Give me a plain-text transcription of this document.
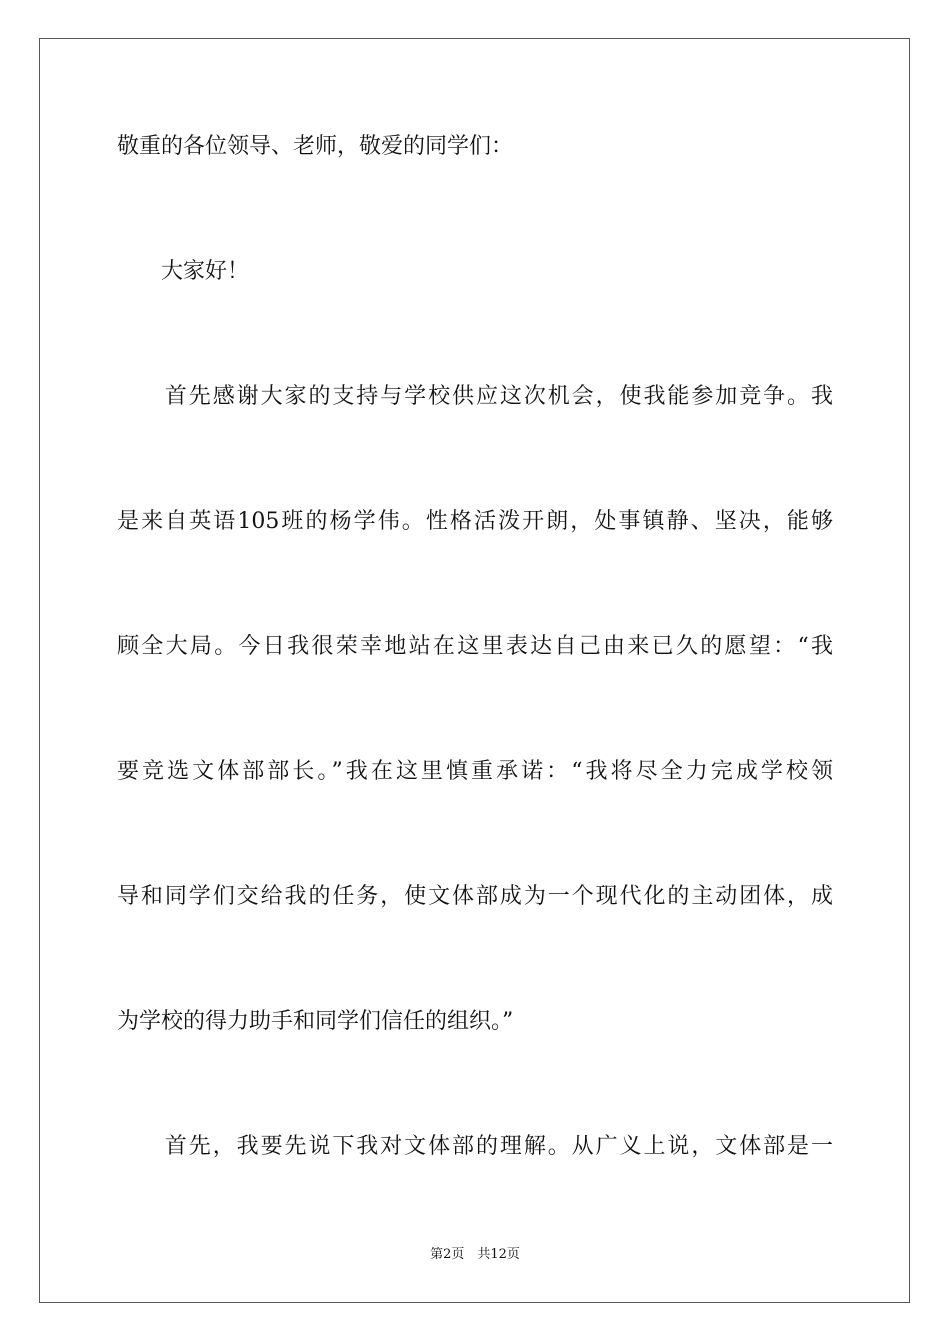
敬重的各位领导、老师，敬爱的同学们：
　　大家好！
　　首先感谢大家的支持与学校供应这次机会，使我能参加竞争。我
是来自英语105班的杨学伟。性格活泼开朗，处事镇静、坚决，能够
顾全大局。今日我很荣幸地站在这里表达自己由来已久的愿望：“我
要竞选文体部部长。”我在这里慎重承诺：“我将尽全力完成学校领
导和同学们交给我的任务，使文体部成为一个现代化的主动团体，成
为学校的得力助手和同学们信任的组织。”
　　首先，我要先说下我对文体部的理解。从广义上说，文体部是一
第2页　共12页
